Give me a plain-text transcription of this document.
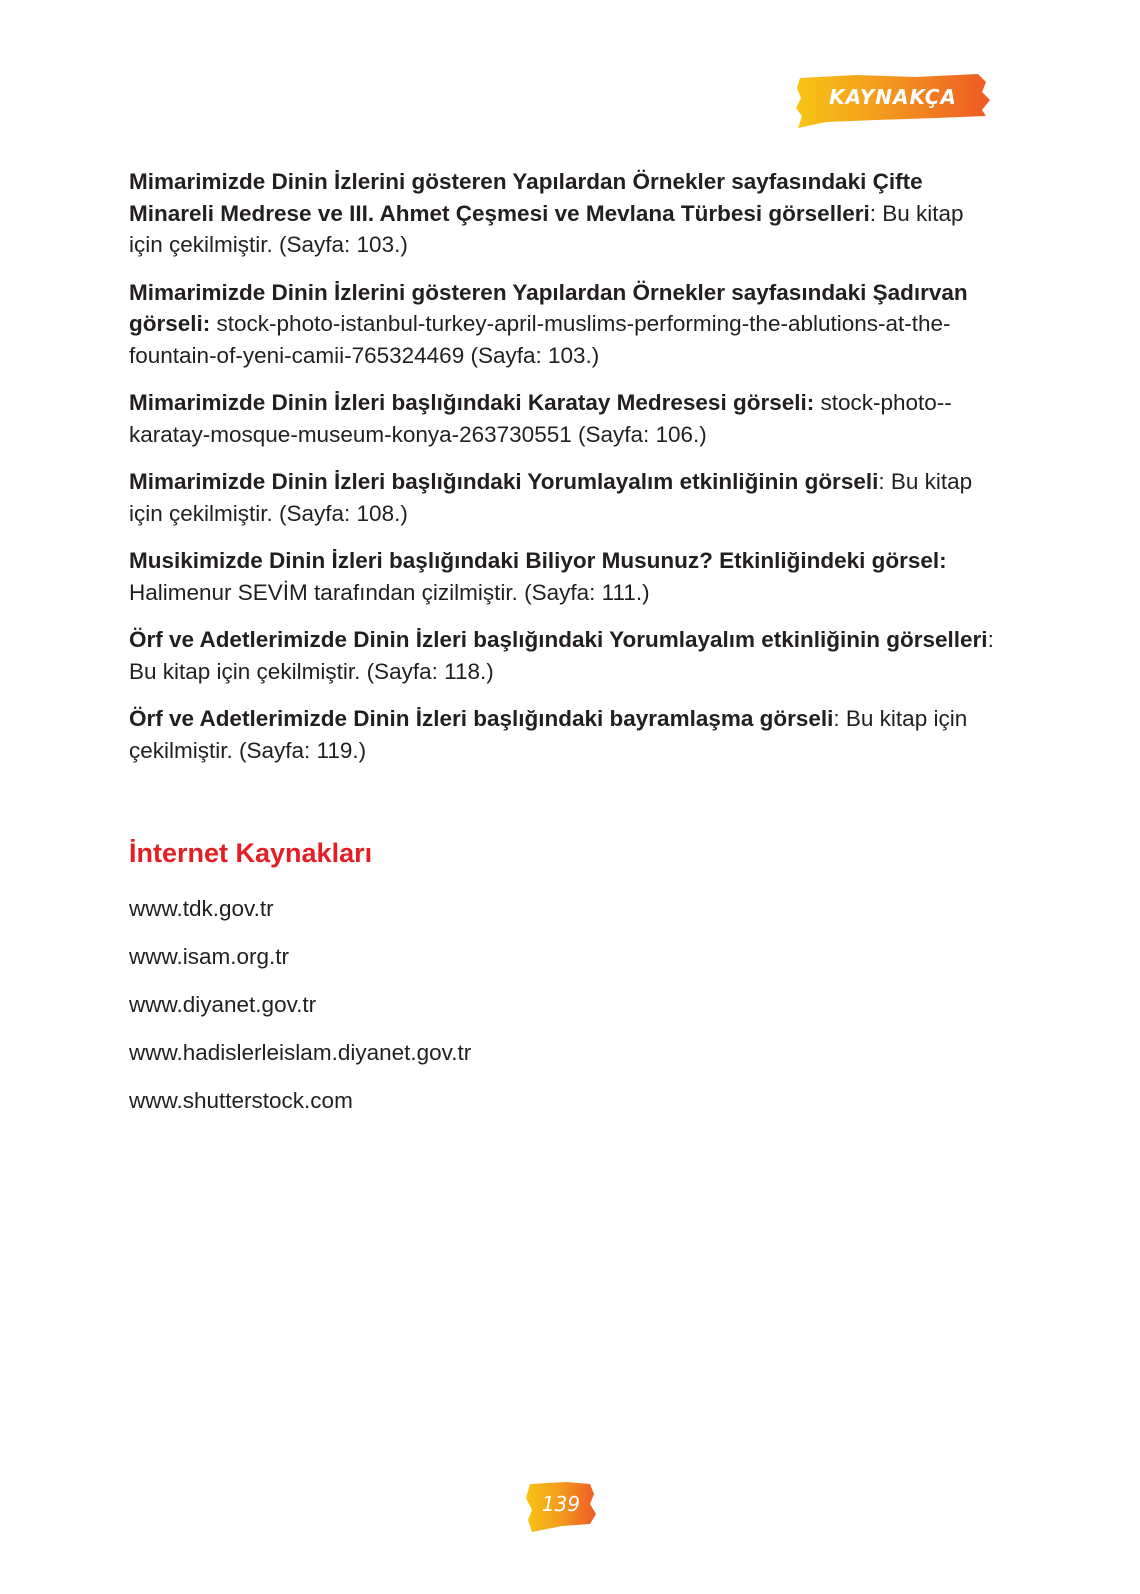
KAYNAKÇA

Mimarimizde Dinin İzlerini gösteren Yapılardan Örnekler sayfasındaki Çifte Minareli Medrese ve III. Ahmet Çeşmesi ve Mevlana Türbesi görselleri: Bu kitap için çekilmiştir. (Sayfa: 103.)

Mimarimizde Dinin İzlerini gösteren Yapılardan Örnekler sayfasındaki Şadırvan görseli: stock-photo-istanbul-turkey-april-muslims-performing-the-ablutions-at-the-fountain-of-yeni-camii-765324469 (Sayfa: 103.)

Mimarimizde Dinin İzleri başlığındaki Karatay Medresesi görseli: stock-photo--karatay-mosque-museum-konya-263730551 (Sayfa: 106.)

Mimarimizde Dinin İzleri başlığındaki Yorumlayalım etkinliğinin görseli: Bu kitap için çekilmiştir. (Sayfa: 108.)

Musikimizde Dinin İzleri başlığındaki Biliyor Musunuz? Etkinliğindeki görsel: Halimenur SEVİM tarafından çizilmiştir. (Sayfa: 111.)

Örf ve Adetlerimizde Dinin İzleri başlığındaki Yorumlayalım etkinliğinin görselleri: Bu kitap için çekilmiştir. (Sayfa: 118.)

Örf ve Adetlerimizde Dinin İzleri başlığındaki bayramlaşma görseli: Bu kitap için çekilmiştir. (Sayfa: 119.)

İnternet Kaynakları
www.tdk.gov.tr
www.isam.org.tr
www.diyanet.gov.tr
www.hadislerleislam.diyanet.gov.tr
www.shutterstock.com
139
